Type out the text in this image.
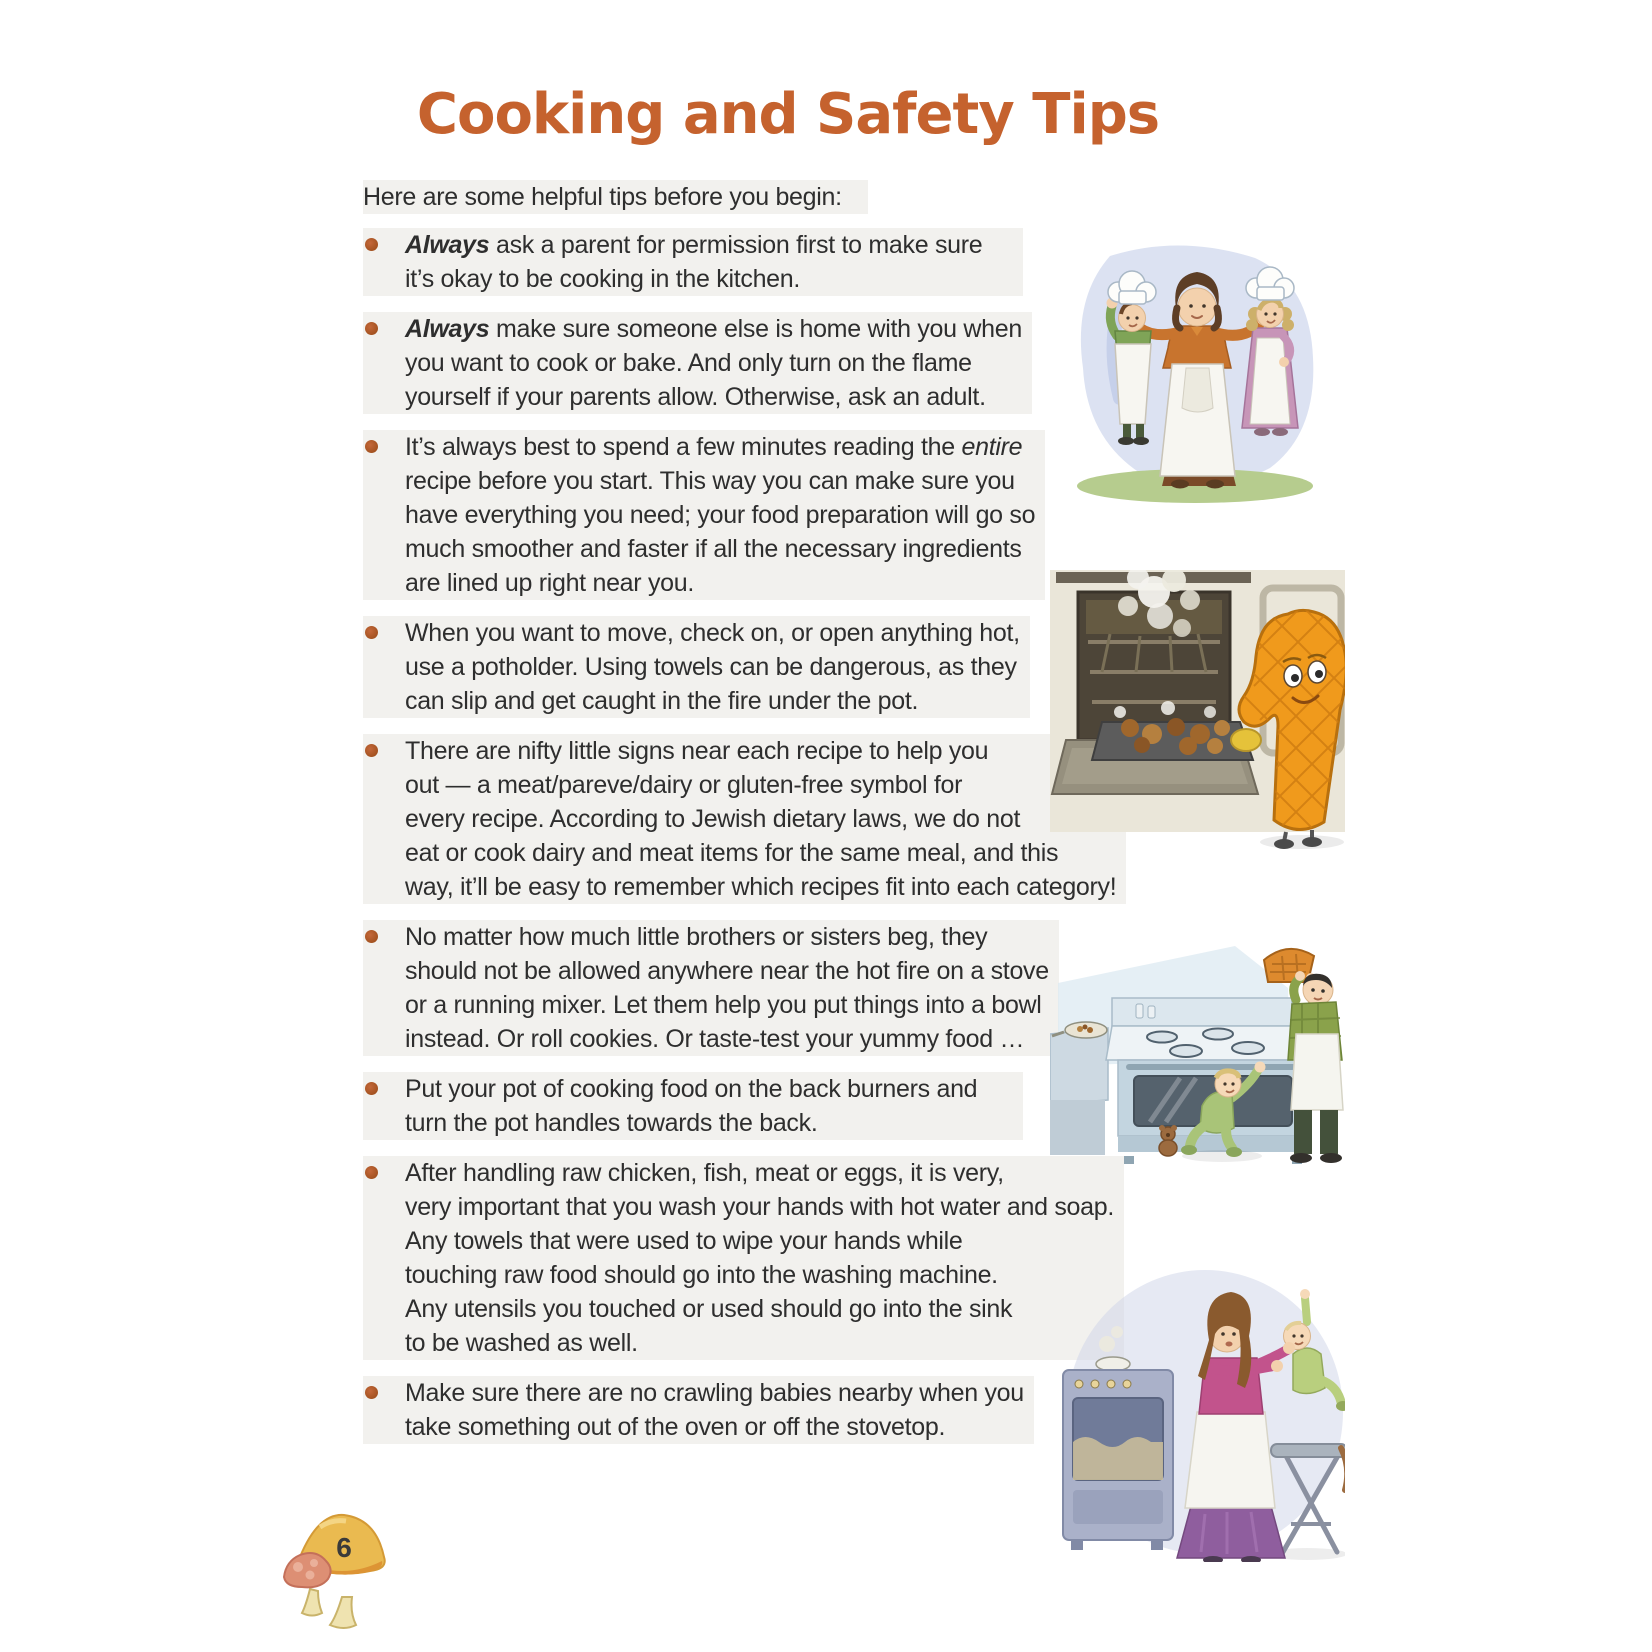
Cooking and Safety Tips
Here are some helpful tips before you begin:
Always ask a parent for permission first to make sure
it’s okay to be cooking in the kitchen.
Always make sure someone else is home with you when
you want to cook or bake. And only turn on the flame
yourself if your parents allow. Otherwise, ask an adult.
It’s always best to spend a few minutes reading the entire
recipe before you start. This way you can make sure you
have everything you need; your food preparation will go so
much smoother and faster if all the necessary ingredients
are lined up right near you.
When you want to move, check on, or open anything hot,
use a potholder. Using towels can be dangerous, as they
can slip and get caught in the fire under the pot.
There are nifty little signs near each recipe to help you
out — a meat/pareve/dairy or gluten-free symbol for
every recipe. According to Jewish dietary laws, we do not
eat or cook dairy and meat items for the same meal, and this
way, it’ll be easy to remember which recipes fit into each category!
No matter how much little brothers or sisters beg, they
should not be allowed anywhere near the hot fire on a stove
or a running mixer. Let them help you put things into a bowl
instead. Or roll cookies. Or taste-test your yummy food …
Put your pot of cooking food on the back burners and
turn the pot handles towards the back.
After handling raw chicken, fish, meat or eggs, it is very,
very important that you wash your hands with hot water and soap.
Any towels that were used to wipe your hands while
touching raw food should go into the washing machine.
Any utensils you touched or used should go into the sink
to be washed as well.
Make sure there are no crawling babies nearby when you
take something out of the oven or off the stovetop.
6
